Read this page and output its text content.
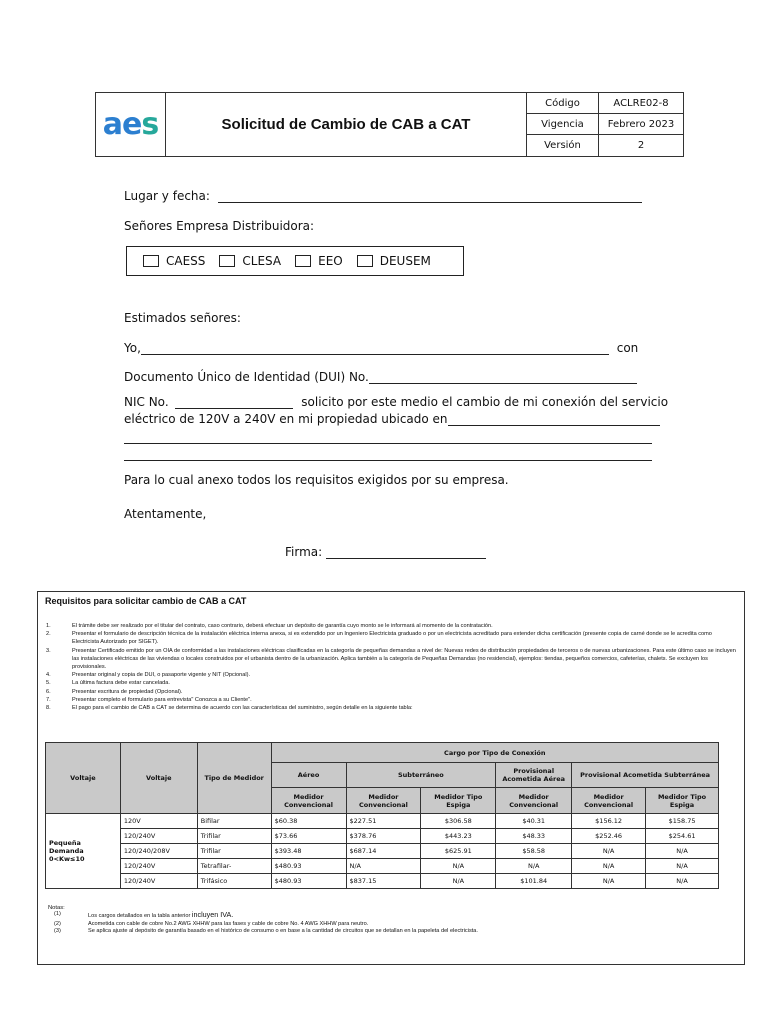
aes	Solicitud de Cambio de CAB a CAT
Código	ACLRE02-8
Vigencia	Febrero 2023
Versión	2
Lugar y fecha:
Señores Empresa Distribuidora:
CAESS	CLESA	EEO	DEUSEM
Estimados señores:
Yo,	con
Documento Único de Identidad (DUI) No.
NIC No.	solicito por este medio el cambio de mi conexión del servicio
eléctrico de 120V a 240V en mi propiedad ubicado en
Para lo cual anexo todos los requisitos exigidos por su empresa.
Atentamente,
Firma:
Requisitos para solicitar cambio de CAB a CAT
1.	El trámite debe ser realizado por el titular del contrato, caso contrario, deberá efectuar un depósito de garantía cuyo monto se le informará al momento de la contratación.
2.	Presentar el formulario de descripción técnica de la instalación eléctrica interna anexa, si es extendido por un Ingeniero Electricista graduado o por un electricista acreditado para extender dicha certificación (presente copia de carné donde se le acredita como Electricista Autorizado por SIGET).
3.	Presentar Certificado emitido por un OIA de conformidad a las instalaciones eléctricas clasificadas en la categoría de pequeñas demandas a nivel de: Nuevas redes de distribución propiedades de terceros o de nuevas urbanizaciones. Para este último caso se incluyen las instalaciones eléctricas de las viviendas o locales construidos por el urbanista dentro de la urbanización. Aplica también a la categoría de Pequeñas Demandas (no residencial), ejemplos: tiendas, pequeños comercios, cafeterías, chalets. Se excluyen los provisionales.
4.	Presentar original y copia de DUI, o pasaporte vigente y NIT (Opcional).
5.	La última factura debe estar cancelada.
6.	Presentar escritura de propiedad (Opcional).
7.	Presentar completo el formulario para entrevista" Conozca a su Cliente".
8.	El pago para el cambio de CAB a CAT se determina de acuerdo con las características del suministro, según detalle en la siguiente tabla:
Voltaje	Voltaje	Tipo de Medidor	Cargo por Tipo de Conexión					
			Aéreo	Subterráneo		Provisional Acometida Aérea	Provisional Acometida Subterránea	
			Medidor Convencional	Medidor Convencional	Medidor Tipo Espiga	Medidor Convencional	Medidor Convencional	Medidor Tipo Espiga
Pequeña Demanda 0<Kw≤10	120V	Bifilar	$60.38	$227.51	$306.58	$40.31	$156.12	$158.75
	120/240V	Trifilar	$73.66	$378.76	$443.23	$48.33	$252.46	$254.61
	120/240/208V	Trifilar	$393.48	$687.14	$625.91	$58.58	N/A	N/A
	120/240V	Tetrafilar-	$480.93	N/A	N/A	N/A	N/A	N/A
	120/240V	Trifásico	$480.93	$837.15	N/A	$101.84	N/A	N/A
Notas:
(1)	Los cargos detallados en la tabla anterior incluyen IVA.
(2)	Acometida con cable de cobre No.2 AWG XHHW para las fases y cable de cobre No. 4 AWG XHHW para neutro.
(3)	Se aplica ajuste al depósito de garantía basado en el histórico de consumo o en base a la cantidad de circuitos que se detallan en la papeleta del electricista.
